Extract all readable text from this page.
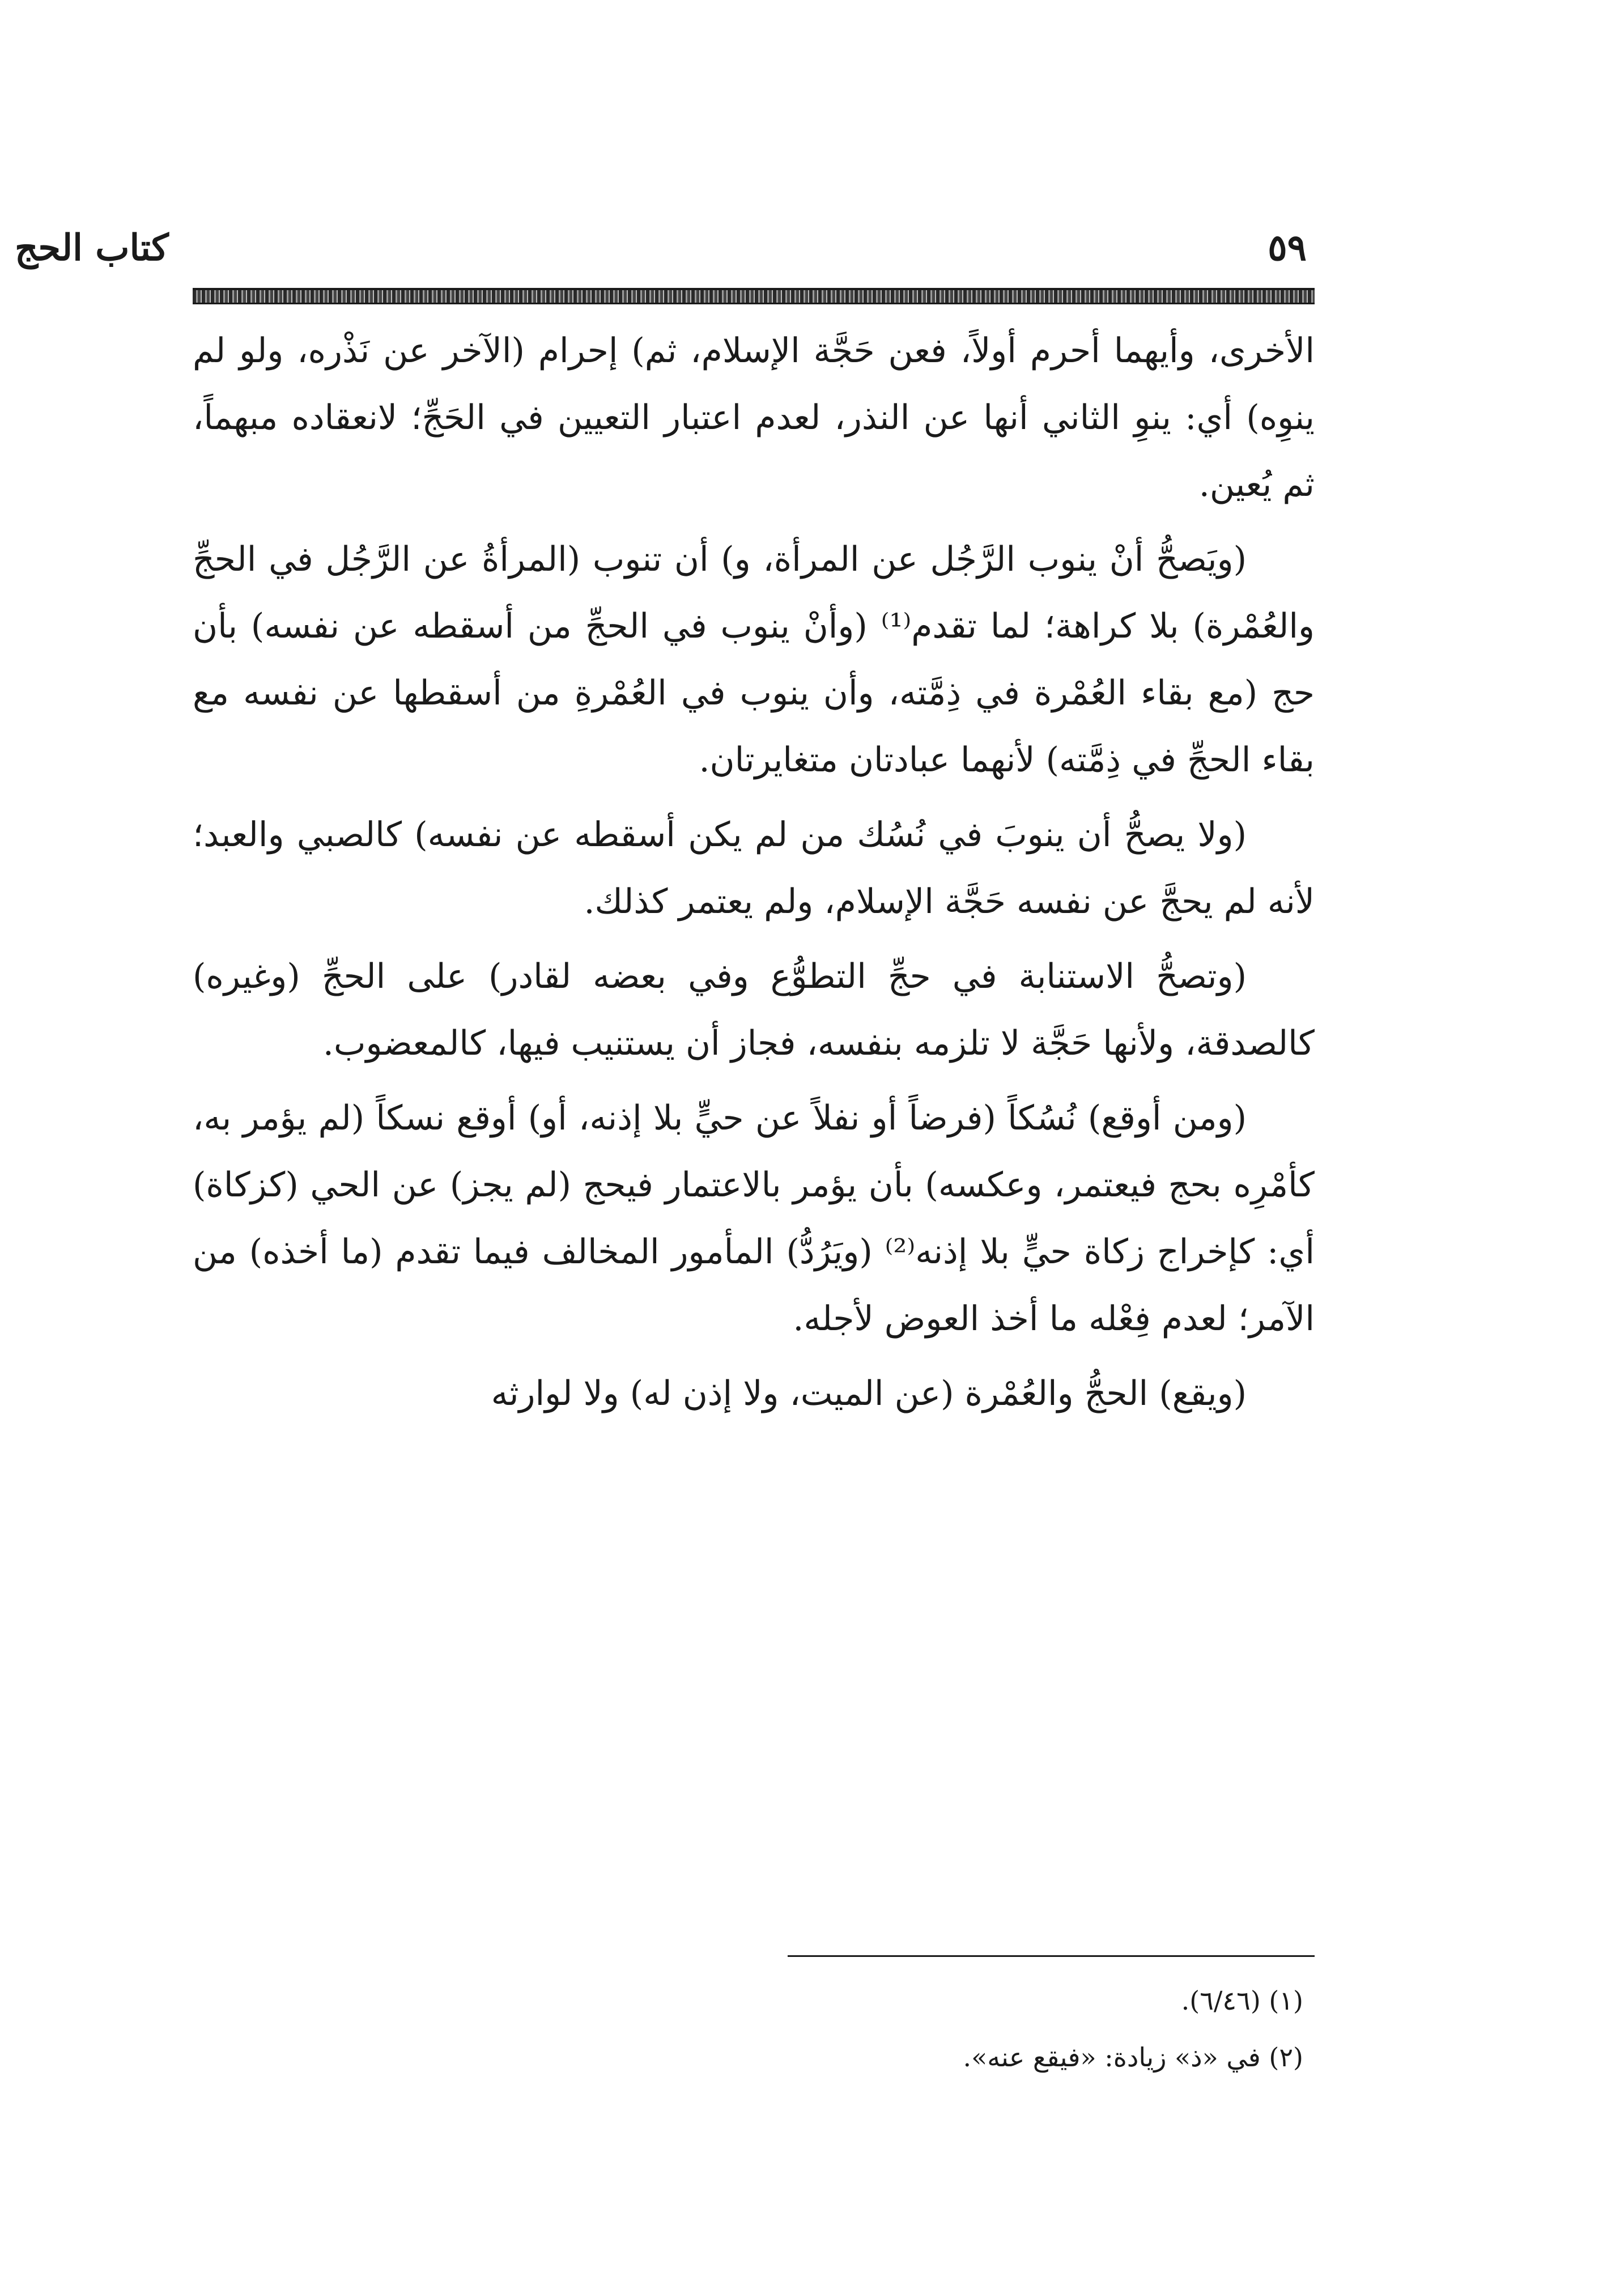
كتاب الحج	٥٩

الأخرى، وأيهما أحرم أولاً، فعن حَجَّة الإسلام، ثم) إحرام (الآخر عن نَذْره، ولو لم ينوِه) أي: ينوِ الثاني أنها عن النذر، لعدم اعتبار التعيين في الحَجِّ؛ لانعقاده مبهماً، ثم يُعين.

(ويَصحُّ أنْ ينوب الرَّجُل عن المرأة، و) أن تنوب (المرأةُ عن الرَّجُل في الحجِّ والعُمْرة) بلا كراهة؛ لما تقدم⁽¹⁾ (وأنْ ينوب في الحجِّ من أسقطه عن نفسه) بأن حج (مع بقاء العُمْرة في ذِمَّته، وأن ينوب في العُمْرةِ من أسقطها عن نفسه مع بقاء الحجِّ في ذِمَّته) لأنهما عبادتان متغايرتان.

(ولا يصحُّ أن ينوبَ في نُسُك من لم يكن أسقطه عن نفسه) كالصبي والعبد؛ لأنه لم يحجَّ عن نفسه حَجَّة الإسلام، ولم يعتمر كذلك.

(وتصحُّ الاستنابة في حجِّ التطوُّع وفي بعضه لقادر) على الحجِّ (وغيره) كالصدقة، ولأنها حَجَّة لا تلزمه بنفسه، فجاز أن يستنيب فيها، كالمعضوب.

(ومن أوقع) نُسُكاً (فرضاً أو نفلاً عن حيٍّ بلا إذنه، أو) أوقع نسكاً (لم يؤمر به، كأمْرِه بحج فيعتمر، وعكسه) بأن يؤمر بالاعتمار فيحج (لم يجز) عن الحي (كزكاة) أي: كإخراج زكاة حيٍّ بلا إذنه⁽²⁾ (ويَرُدُّ) المأمور المخالف فيما تقدم (ما أخذه) من الآمر؛ لعدم فِعْله ما أخذ العوض لأجله.

(ويقع) الحجُّ والعُمْرة (عن الميت، ولا إذن له) ولا لوارثه

(١) (٦/٤٦).

(٢) في «ذ» زيادة: «فيقع عنه».
